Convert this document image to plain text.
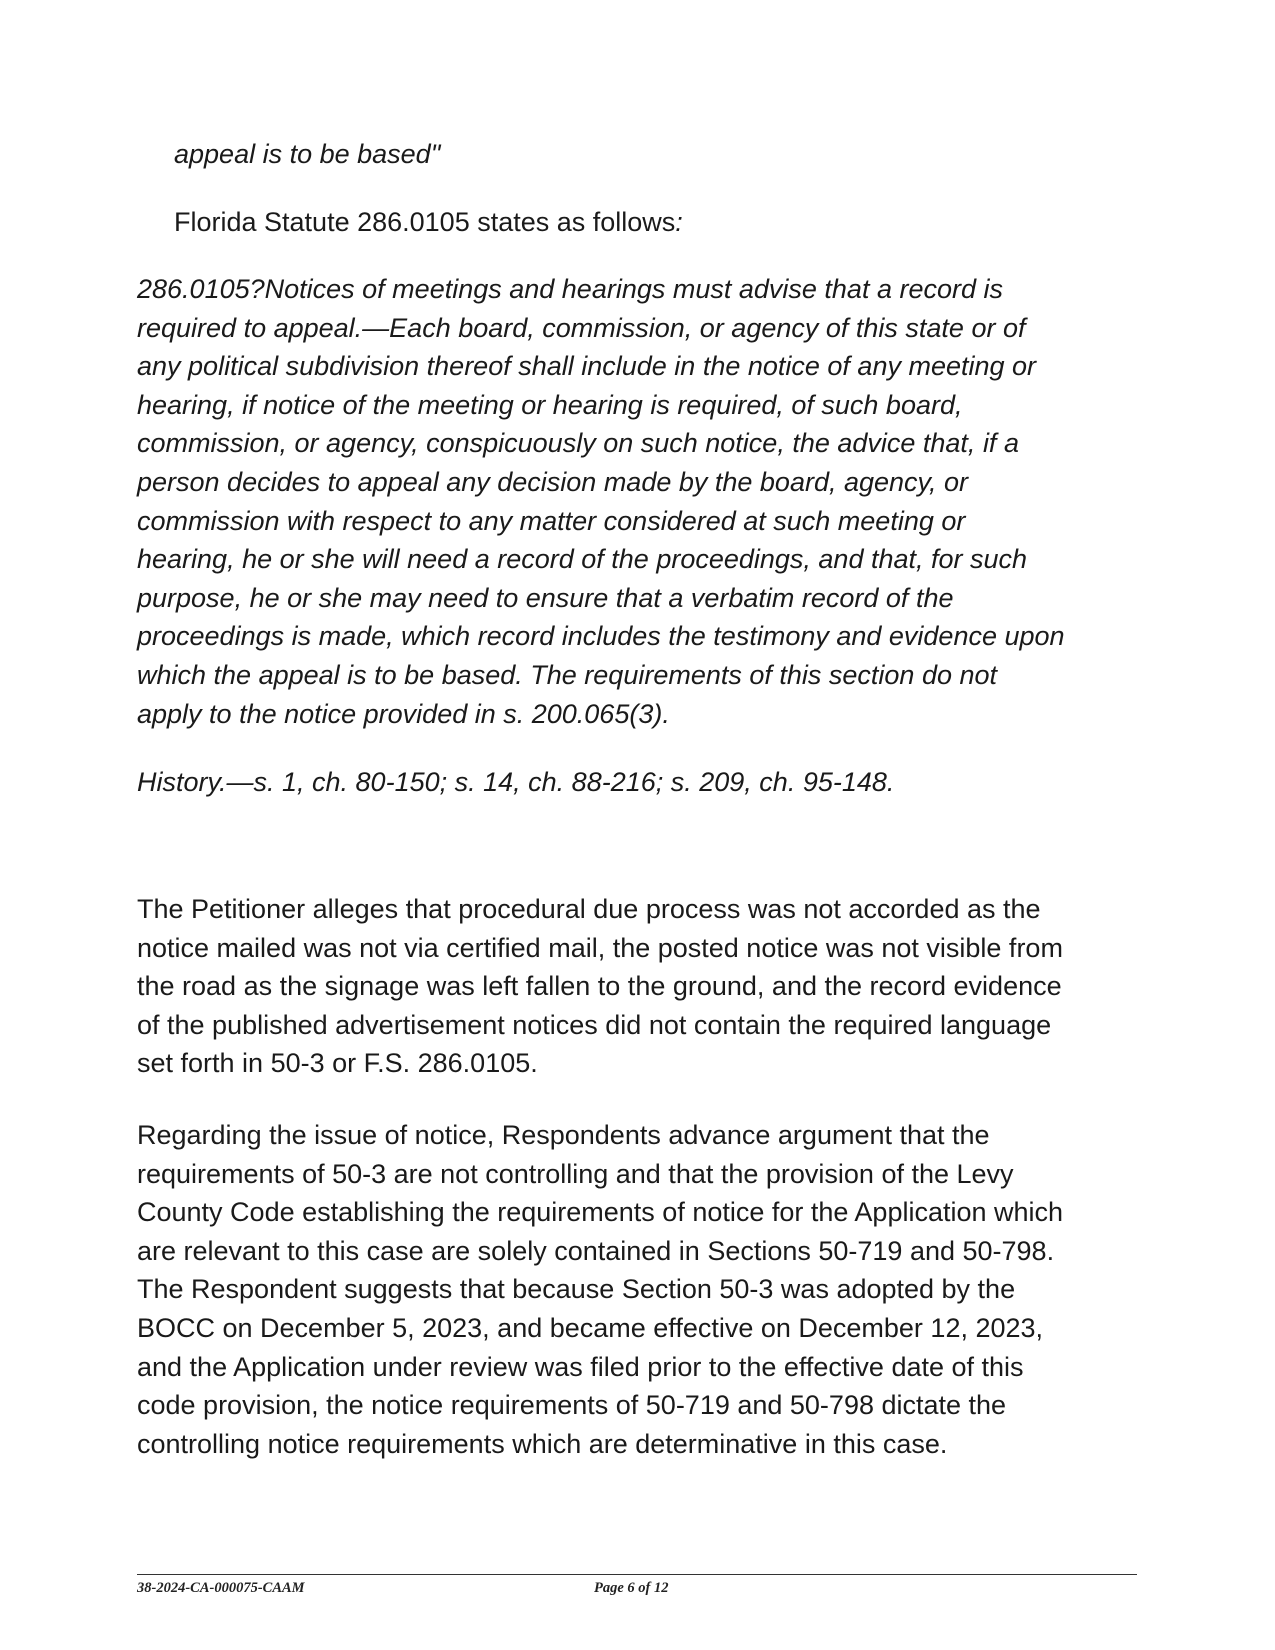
appeal is to be based"

Florida Statute 286.0105 states as follows:

286.0105?Notices of meetings and hearings must advise that a record is
required to appeal.—Each board, commission, or agency of this state or of
any political subdivision thereof shall include in the notice of any meeting or
hearing, if notice of the meeting or hearing is required, of such board,
commission, or agency, conspicuously on such notice, the advice that, if a
person decides to appeal any decision made by the board, agency, or
commission with respect to any matter considered at such meeting or
hearing, he or she will need a record of the proceedings, and that, for such
purpose, he or she may need to ensure that a verbatim record of the
proceedings is made, which record includes the testimony and evidence upon
which the appeal is to be based. The requirements of this section do not
apply to the notice provided in s. 200.065(3).

History.—s. 1, ch. 80-150; s. 14, ch. 88-216; s. 209, ch. 95-148.

The Petitioner alleges that procedural due process was not accorded as the
notice mailed was not via certified mail, the posted notice was not visible from
the road as the signage was left fallen to the ground, and the record evidence
of the published advertisement notices did not contain the required language
set forth in 50-3 or F.S. 286.0105.
Regarding the issue of notice, Respondents advance argument that the
requirements of 50-3 are not controlling and that the provision of the Levy
County Code establishing the requirements of notice for the Application which
are relevant to this case are solely contained in Sections 50-719 and 50-798.
The Respondent suggests that because Section 50-3 was adopted by the
BOCC on December 5, 2023, and became effective on December 12, 2023,
and the Application under review was filed prior to the effective date of this
code provision, the notice requirements of 50-719 and 50-798 dictate the
controlling notice requirements which are determinative in this case.
38-2024-CA-000075-CAAM	Page 6 of 12
